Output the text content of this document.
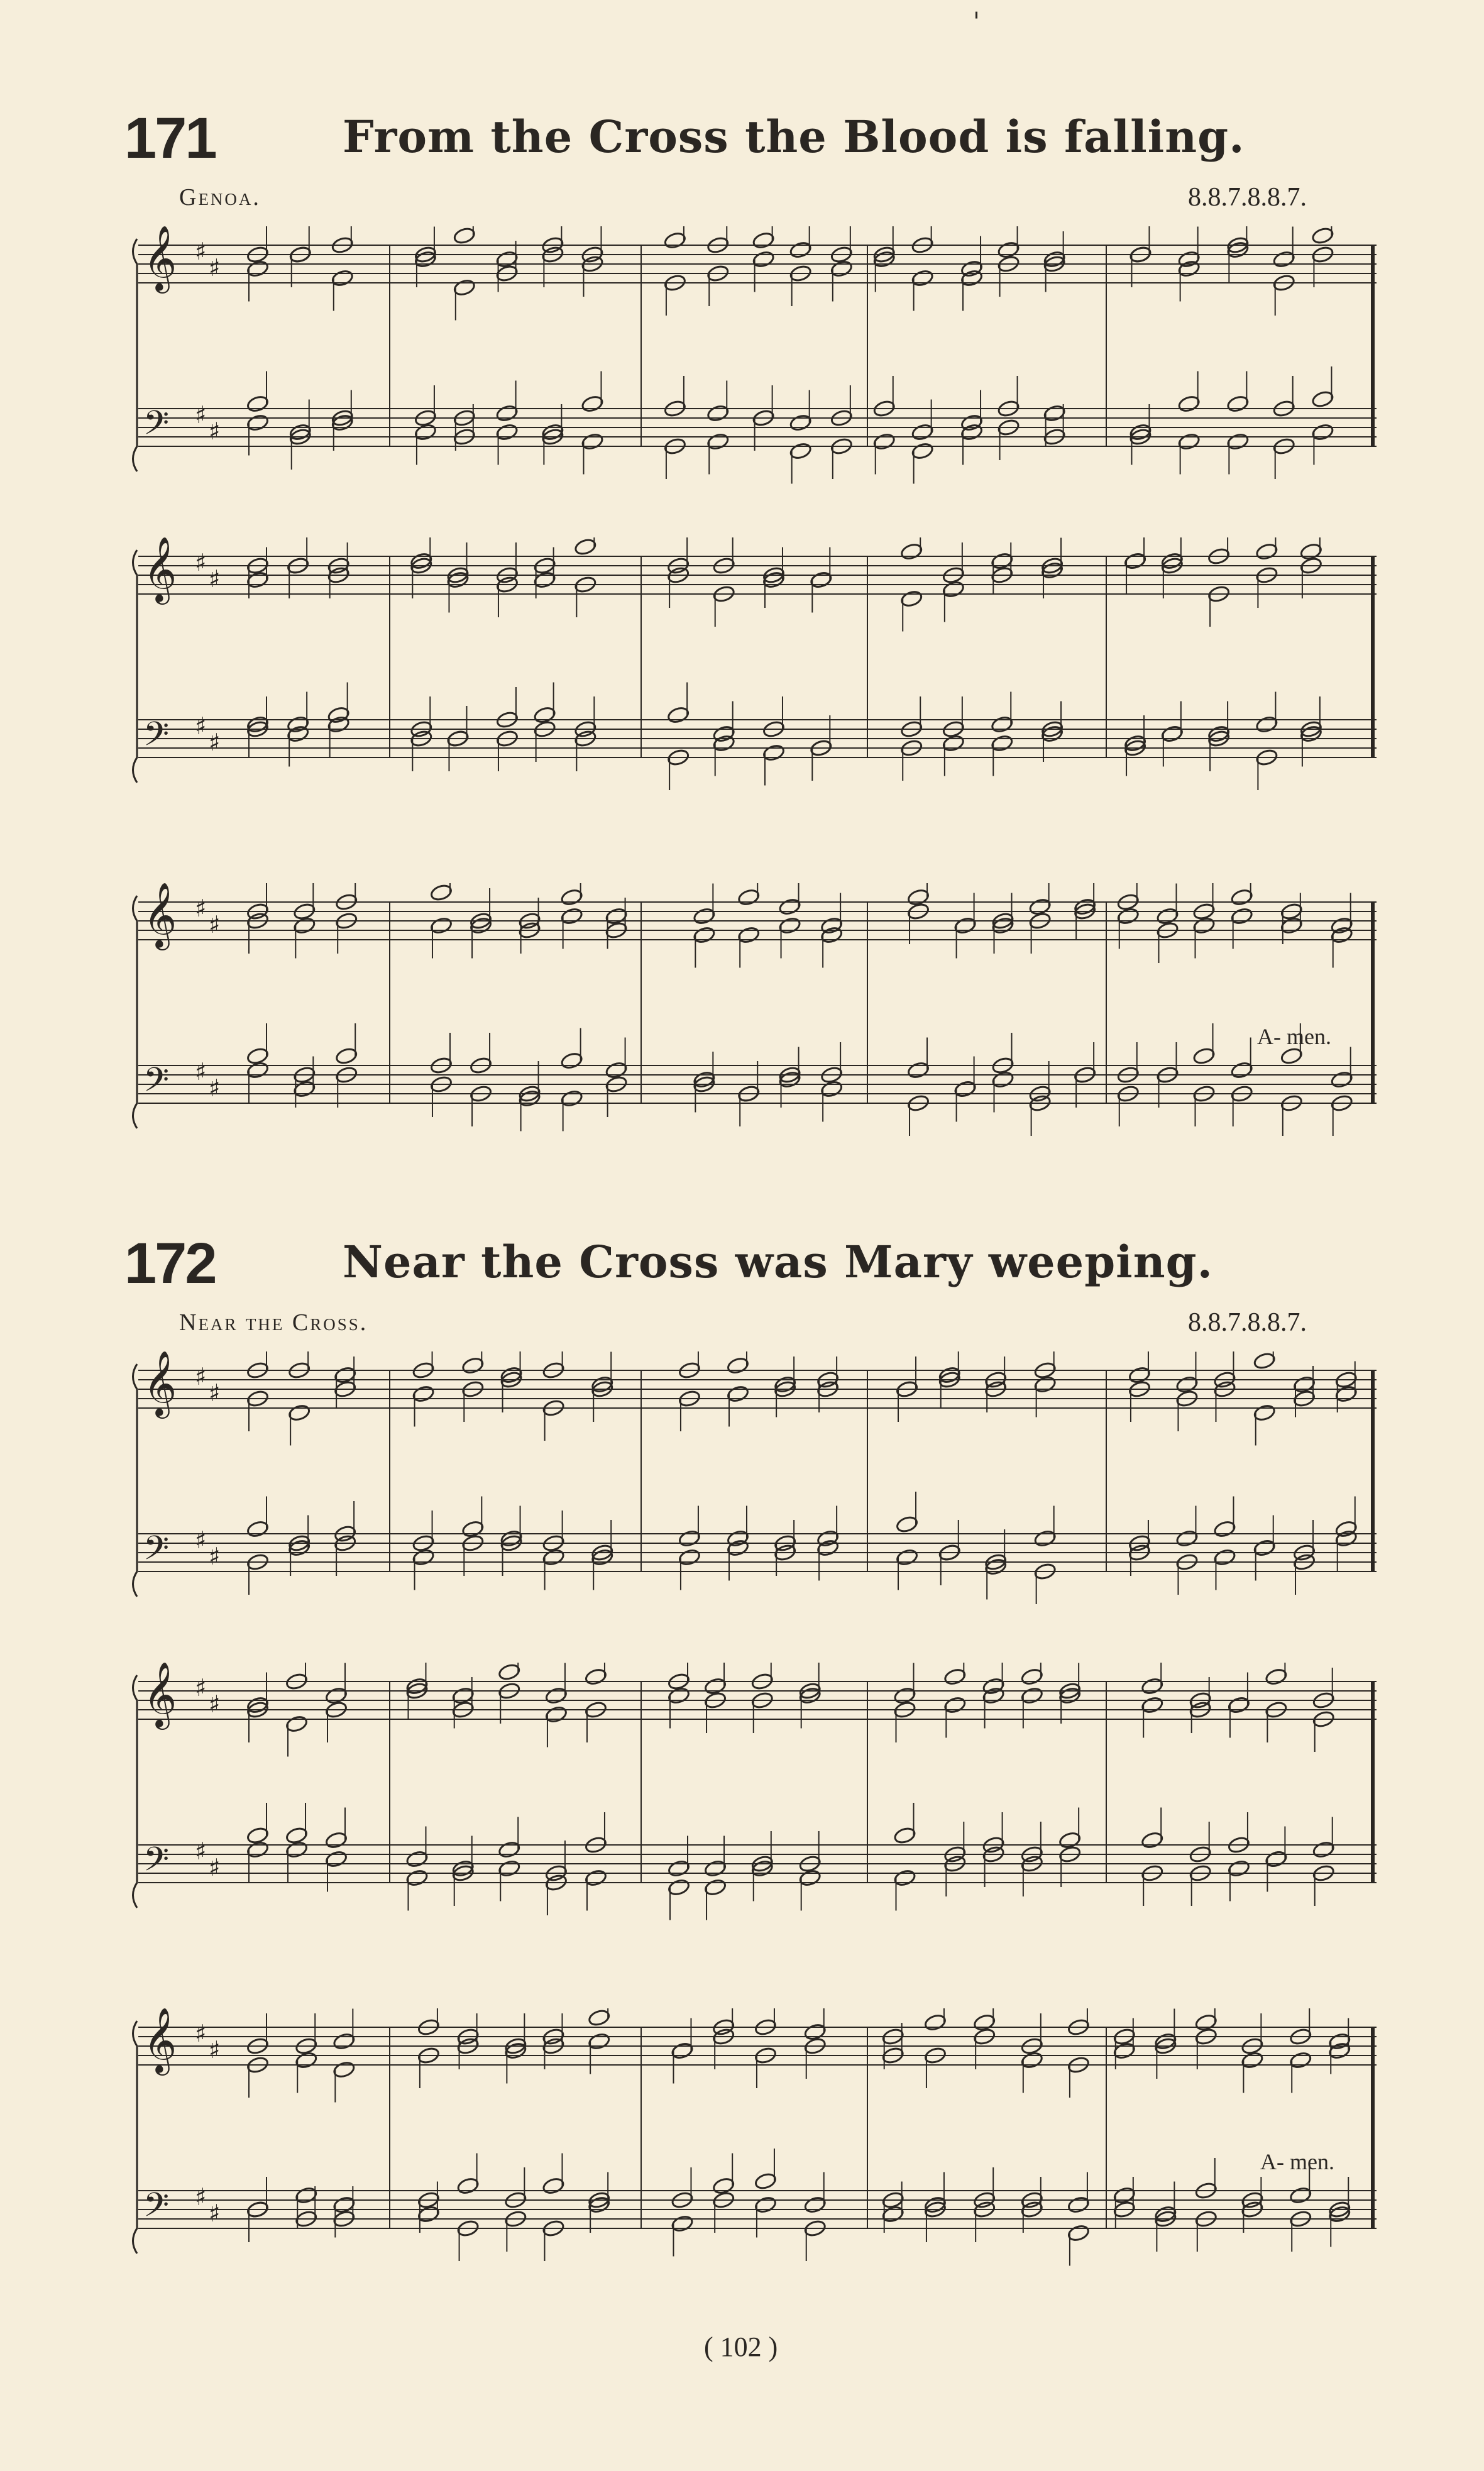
'
171	From the Cross the Blood is falling.
Genoa.	8.8.7.8.8.7.
𝄞 ♯
♯
𝄢 ♯
♯
𝄞 ♯
♯
𝄢 ♯
♯
𝄞 ♯
♯
𝄢 ♯
♯
A- men.
172	Near the Cross was Mary weeping.
Near the Cross.	8.8.7.8.8.7.
𝄞 ♯
♯
𝄢 ♯
♯
𝄞 ♯
♯
𝄢 ♯
♯
𝄞 ♯
♯
𝄢 ♯
♯
A- men.
( 102 )
